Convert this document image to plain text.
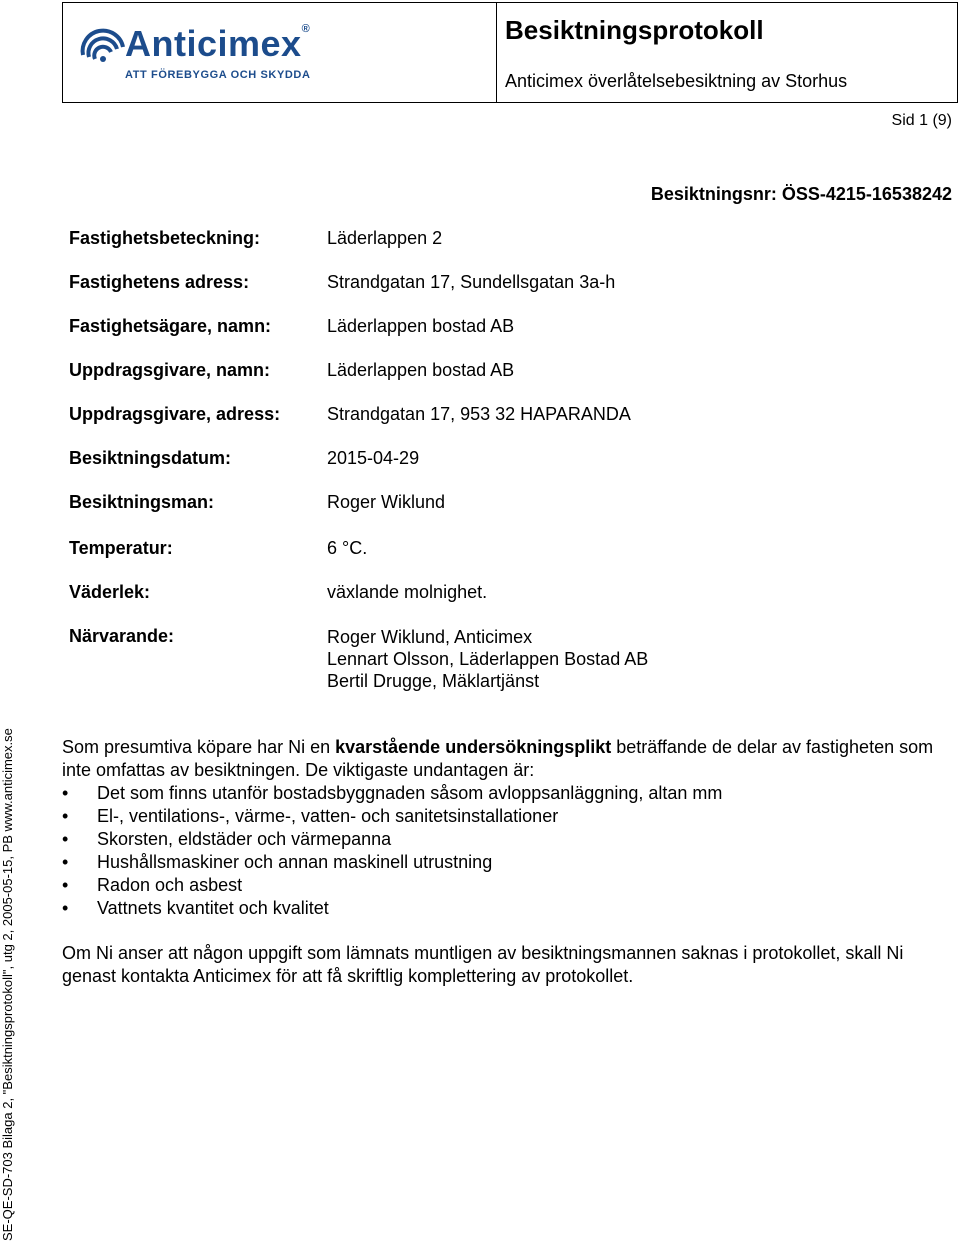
Anticimex®
ATT FÖREBYGGA OCH SKYDDA
Besiktningsprotokoll
Anticimex överlåtelsebesiktning av Storhus
Sid 1 (9)
Besiktningsnr: ÖSS-4215-16538242
Fastighetsbeteckning:	Läderlappen 2
Fastighetens adress:	Strandgatan 17, Sundellsgatan 3a-h
Fastighetsägare, namn:	Läderlappen bostad AB
Uppdragsgivare, namn:	Läderlappen bostad AB
Uppdragsgivare, adress:	Strandgatan 17, 953 32 HAPARANDA
Besiktningsdatum:	2015-04-29
Besiktningsman:	Roger Wiklund
Temperatur:	6 °C.
Väderlek:	växlande molnighet.
Närvarande:	Roger Wiklund, Anticimex
Lennart Olsson, Läderlappen Bostad AB
Bertil Drugge, Mäklartjänst

Som presumtiva köpare har Ni en kvarstående undersökningsplikt beträffande de delar av fastigheten som inte omfattas av besiktningen. De viktigaste undantagen är:

• Det som finns utanför bostadsbyggnaden såsom avloppsanläggning, altan mm
• El-, ventilations-, värme-, vatten- och sanitetsinstallationer
• Skorsten, eldstäder och värmepanna
• Hushållsmaskiner och annan maskinell utrustning
• Radon och asbest
• Vattnets kvantitet och kvalitet

Om Ni anser att någon uppgift som lämnats muntligen av besiktningsmannen saknas i protokollet, skall Ni genast kontakta Anticimex för att få skriftlig komplettering av protokollet.

SE-QE-SD-703 Bilaga 2, "Besiktningsprotokoll", utg 2, 2005-05-15, PB www.anticimex.se
